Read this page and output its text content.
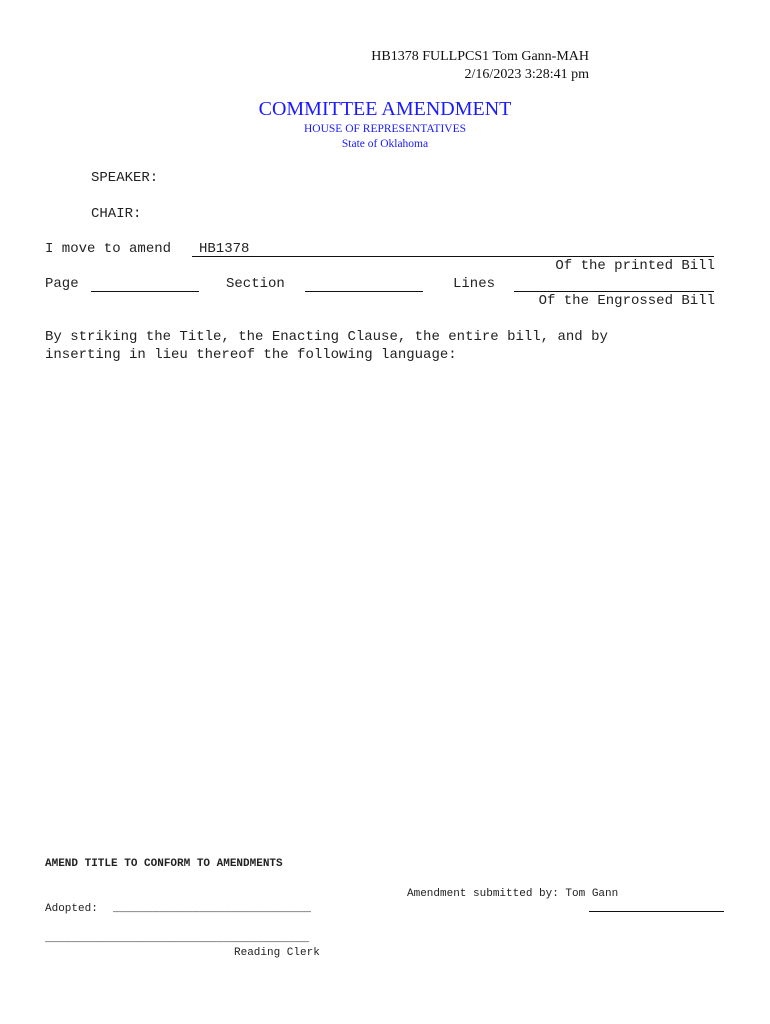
HB1378 FULLPCS1 Tom Gann-MAH
2/16/2023 3:28:41 pm
COMMITTEE AMENDMENT
HOUSE OF REPRESENTATIVES
State of Oklahoma
SPEAKER:
CHAIR:
I move to amend HB1378
Of the printed Bill
Page	Section	Lines
Of the Engrossed Bill
By striking the Title, the Enacting Clause, the entire bill, and by
inserting in lieu thereof the following language:
AMEND TITLE TO CONFORM TO AMENDMENTS
Amendment submitted by: Tom Gann
Adopted: ______________________________
________________________________________
Reading Clerk
